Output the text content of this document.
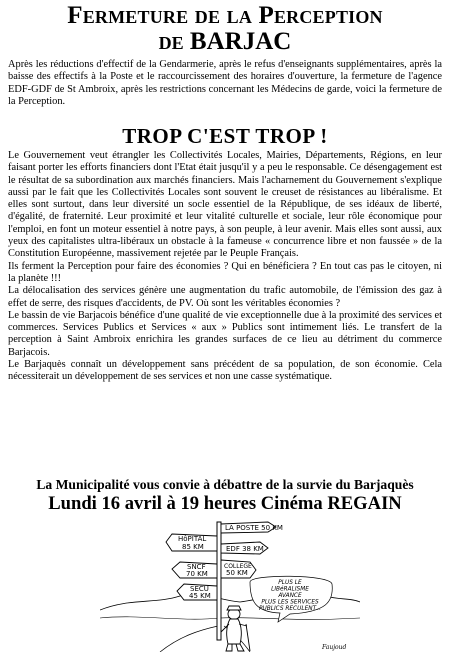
Fermeture de la Perception
de BARJAC

Après les réductions d'effectif de la Gendarmerie, après le refus d'enseignants supplémentaires, après la baisse des effectifs à la Poste et le raccourcissement des horaires d'ouverture, la fermeture de l'agence EDF-GDF de St Ambroix, après les restrictions concernant les Médecins de garde, voici la fermeture de la Perception.

TROP C'EST TROP !

Le Gouvernement veut étrangler les Collectivités Locales, Mairies, Départements, Régions, en leur faisant porter les efforts financiers dont l'Etat était jusqu'il y a peu le responsable. Ce désengagement est le résultat de sa subordination aux marchés financiers. Mais l'acharnement du Gouvernement s'explique aussi par le fait que les Collectivités Locales sont souvent le creuset de résistances au libéralisme. Et elles sont surtout, dans leur diversité un socle essentiel de la République, de ses idéaux de liberté, d'égalité, de fraternité. Leur proximité et leur vitalité culturelle et sociale, leur rôle économique pour l'emploi, en font un moteur essentiel à notre pays, à son peuple, à leur avenir. Mais elles sont aussi, aux yeux des capitalistes ultra-libéraux un obstacle à la fameuse « concurrence libre et non faussée » de la Constitution Européenne, massivement rejetée par le Peuple Français.

Ils ferment la Perception pour faire des économies ? Qui en bénéficiera ? En tout cas pas le citoyen, ni la planète !!!

La délocalisation des services génère une augmentation du trafic automobile, de l'émission des gaz à effet de serre, des risques d'accidents, de PV. Où sont les véritables économies ?

Le bassin de vie Barjacois bénéfice d'une qualité de vie exceptionnelle due à la proximité des services et commerces. Services Publics et Services « aux » Publics sont intimement liés. Le transfert de la perception à Saint Ambroix enrichira les grandes surfaces de ce lieu au détriment du commerce Barjacois.

Le Barjaquès connaît un développement sans précédent de sa population, de son économie. Cela nécessiterait un développement de ses services et non une casse systématique.

La Municipalité vous convie à débattre de la survie du Barjaquès
Lundi 16 avril à 19 heures Cinéma REGAIN
LA POSTE 50 KM
HôPITAL
85 KM	EDF 38 KM
SNCF
70 KM
COLLEGE
50 KM
SECU
45 KM
PLUS LE
LIBéRALISME
AVANCE
PLUS LES SERVICES
PUBLICS RECULENT...
Faujoud
